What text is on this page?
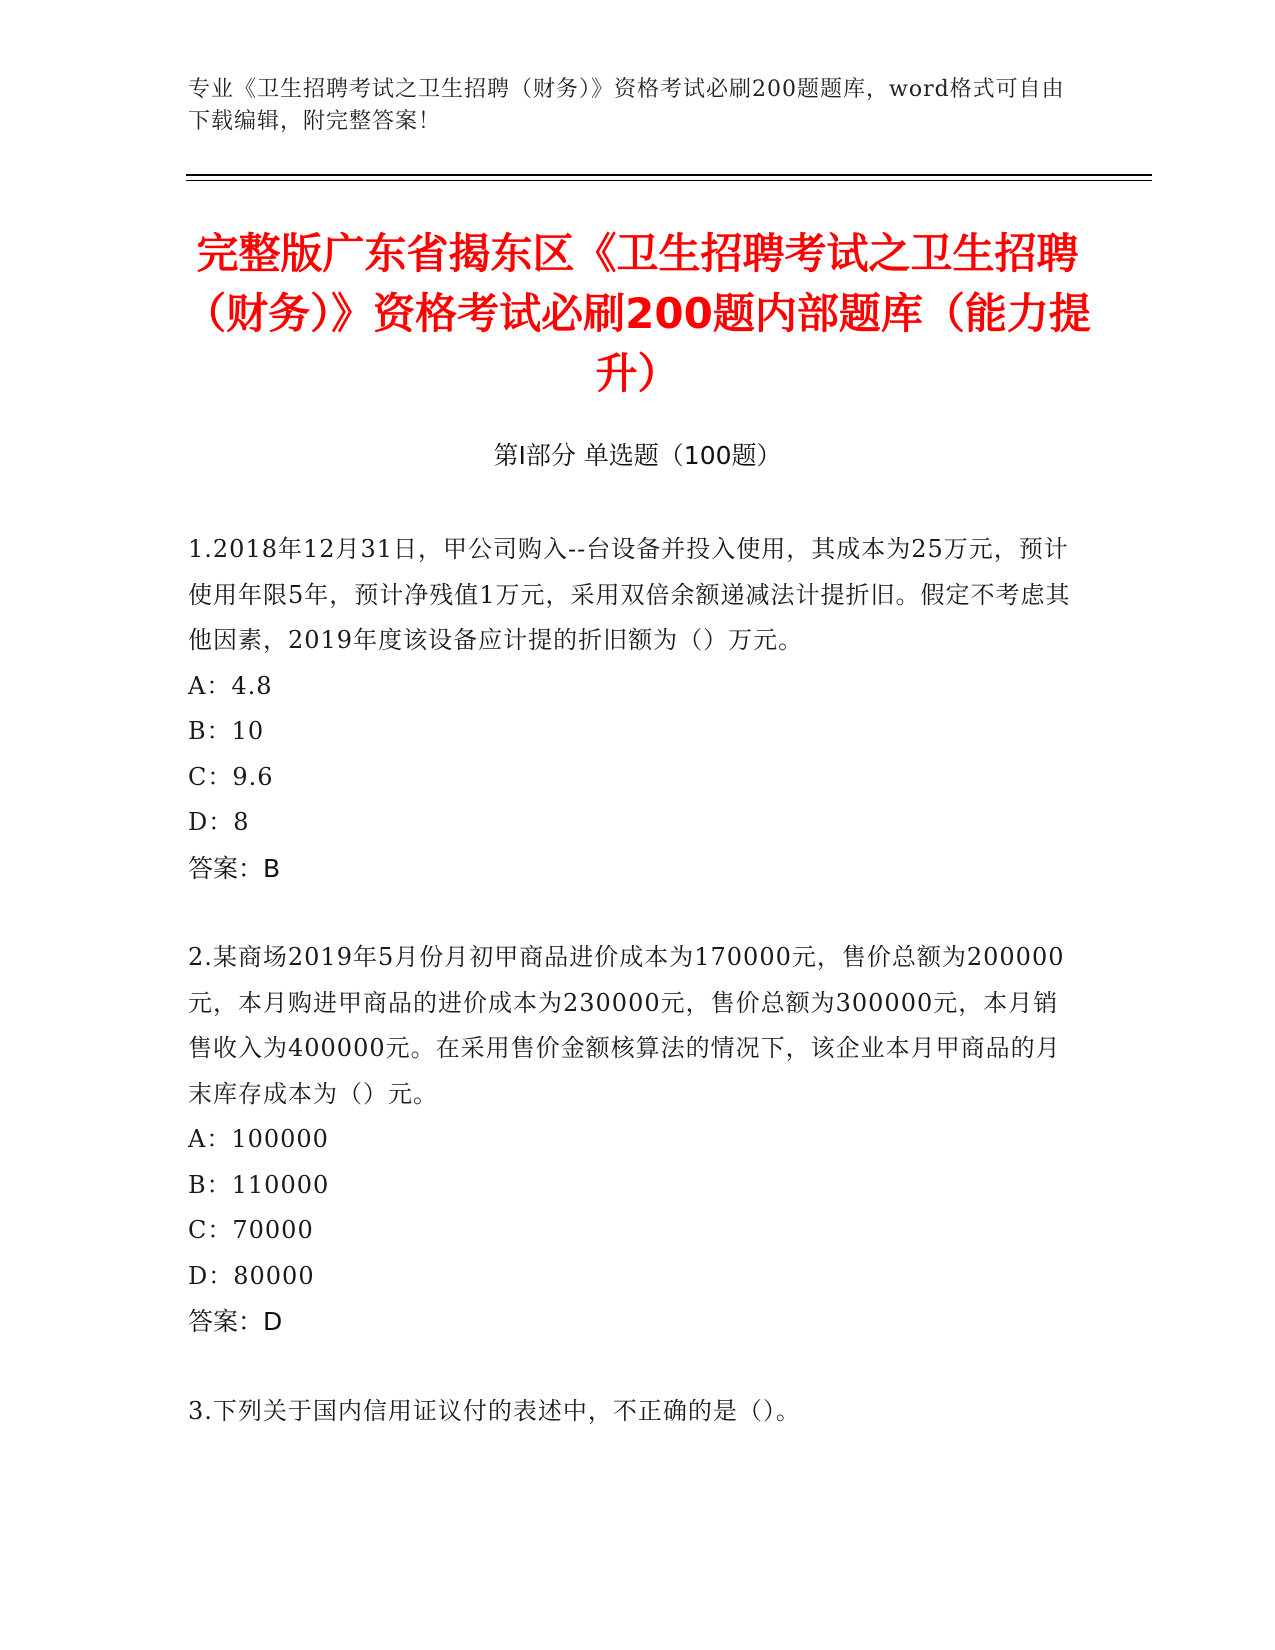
专业《卫生招聘考试之卫生招聘（财务）》资格考试必刷200题题库，word格式可自由下载编辑，附完整答案！
完整版广东省揭东区《卫生招聘考试之卫生招聘（财务）》资格考试必刷200题内部题库（能力提升）
第Ⅰ部分 单选题（100题）

1.2018年12月31日，甲公司购入--台设备并投入使用，其成本为25万元，预计使用年限5年，预计净残值1万元，采用双倍余额递减法计提折旧。假定不考虑其他因素，2019年度该设备应计提的折旧额为（）万元。

A：4.8
B：10
C：9.6
D：8
答案：B

2.某商场2019年5月份月初甲商品进价成本为170000元，售价总额为200000元，本月购进甲商品的进价成本为230000元，售价总额为300000元，本月销售收入为400000元。在采用售价金额核算法的情况下，该企业本月甲商品的月末库存成本为（）元。

A：100000
B：110000
C：70000
D：80000
答案：D

3.下列关于国内信用证议付的表述中，不正确的是（）。
